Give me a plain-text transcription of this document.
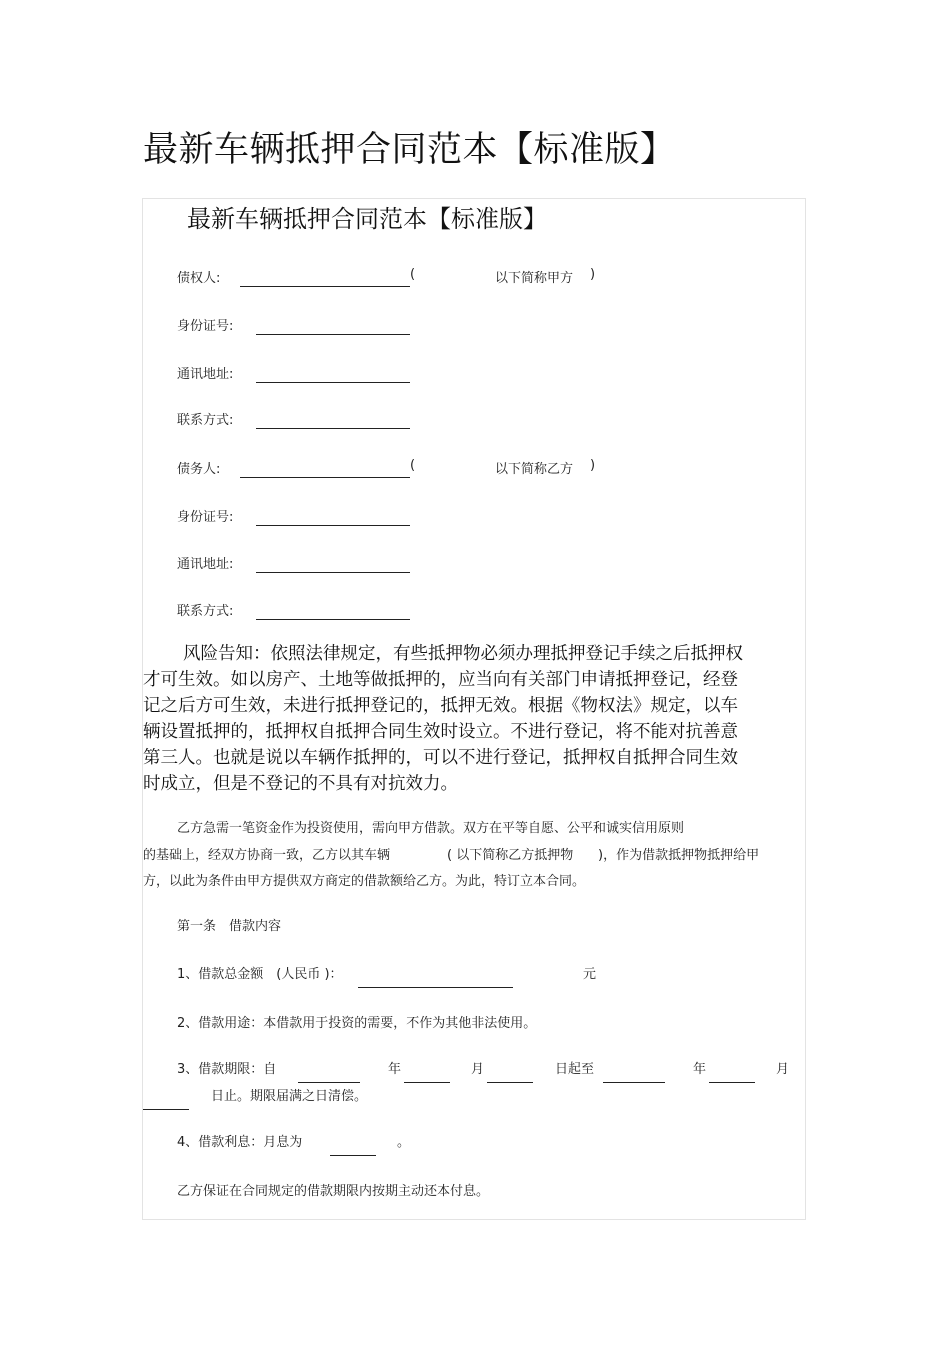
最新车辆抵押合同范本【标准版】
最新车辆抵押合同范本【标准版】
债权人:	(	以下简称甲方 )
身份证号:
通讯地址:
联系方式:
债务人:	(	以下简称乙方 )
身份证号:
通讯地址:
联系方式:
风险告知：依照法律规定，有些抵押物必须办理抵押登记手续之后抵押权
才可生效。如以房产、土地等做抵押的，应当向有关部门申请抵押登记，经登
记之后方可生效，未进行抵押登记的，抵押无效。根据《物权法》规定，以车
辆设置抵押的，抵押权自抵押合同生效时设立。不进行登记，将不能对抗善意
第三人。也就是说以车辆作抵押的，可以不进行登记，抵押权自抵押合同生效
时成立，但是不登记的不具有对抗效力。
乙方急需一笔资金作为投资使用，需向甲方借款。双方在平等自愿、公平和诚实信用原则
的基础上，经双方协商一致，乙方以其车辆	( 以下简称乙方抵押物 )，作为借款抵押物抵押给甲
方，以此为条件由甲方提供双方商定的借款额给乙方。为此，特订立本合同。
第一条　借款内容
1、借款总金额　(人民币 )：	元
2、借款用途：本借款用于投资的需要，不作为其他非法使用。
3、借款期限：自	年	月	日起至	年	月
日止。期限届满之日清偿。
4、借款利息：月息为	。
乙方保证在合同规定的借款期限内按期主动还本付息。
